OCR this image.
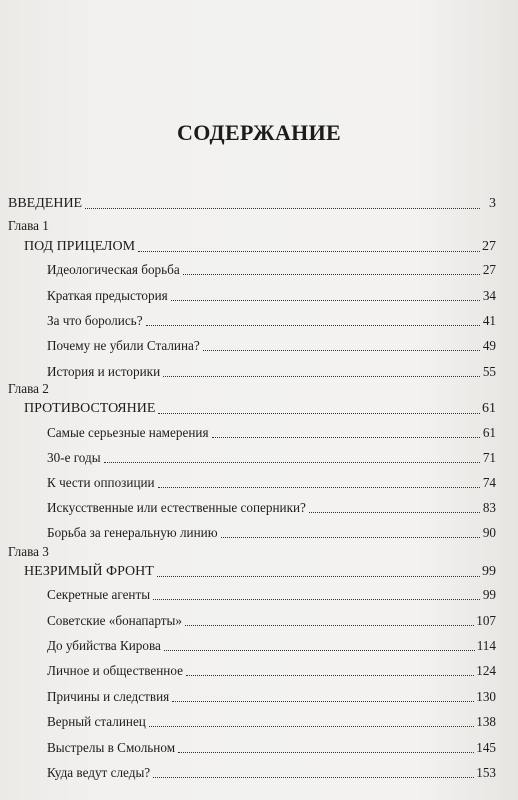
СОДЕРЖАНИЕ
ВВЕДЕНИЕ	3
Глава 1
ПОД ПРИЦЕЛОМ	27
Идеологическая борьба	27
Краткая предыстория	34
За что боролись?	41
Почему не убили Сталина?	49
История и историки	55
Глава 2
ПРОТИВОСТОЯНИЕ	61
Самые серьезные намерения	61
30-е годы	71
К чести оппозиции	74
Искусственные или естественные соперники?	83
Борьба за генеральную линию	90
Глава 3
НЕЗРИМЫЙ ФРОНТ	99
Секретные агенты	99
Советские «бонапарты»	107
До убийства Кирова	114
Личное и общественное	124
Причины и следствия	130
Верный сталинец	138
Выстрелы в Смольном	145
Куда ведут следы?	153
